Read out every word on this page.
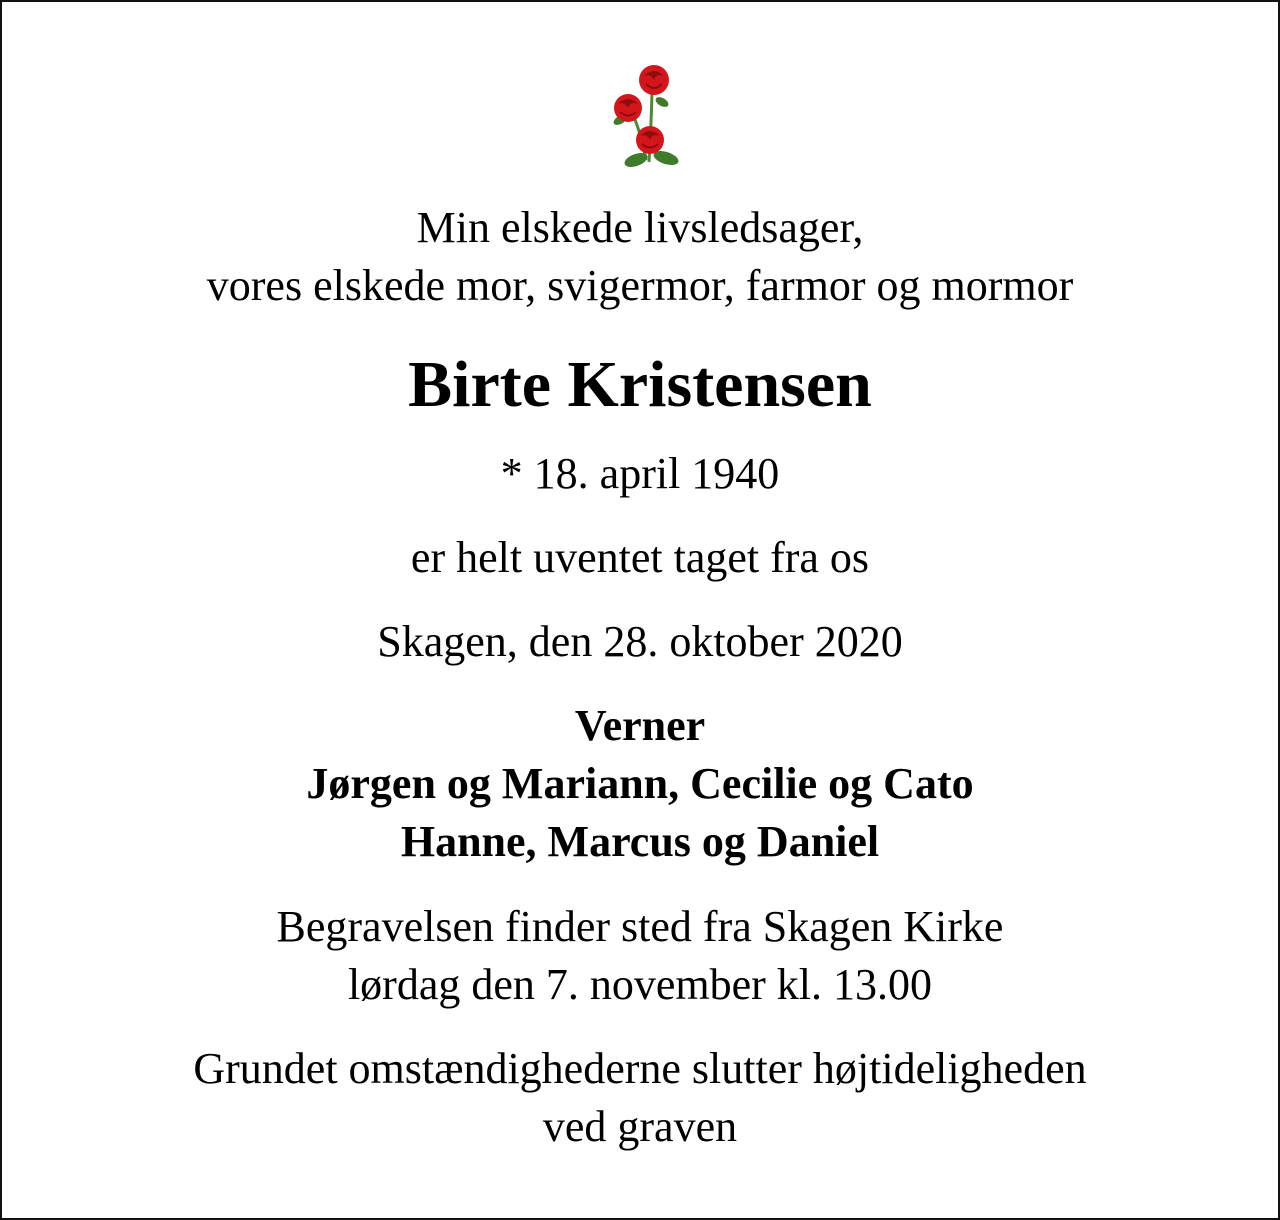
Min elskede livsledsager,
vores elskede mor, svigermor, farmor og mormor
Birte Kristensen
* 18. april 1940
er helt uventet taget fra os
Skagen, den 28. oktober 2020
Verner
Jørgen og Mariann, Cecilie og Cato
Hanne, Marcus og Daniel
Begravelsen finder sted fra Skagen Kirke
lørdag den 7. november kl. 13.00
Grundet omstændighederne slutter højtideligheden
ved graven
